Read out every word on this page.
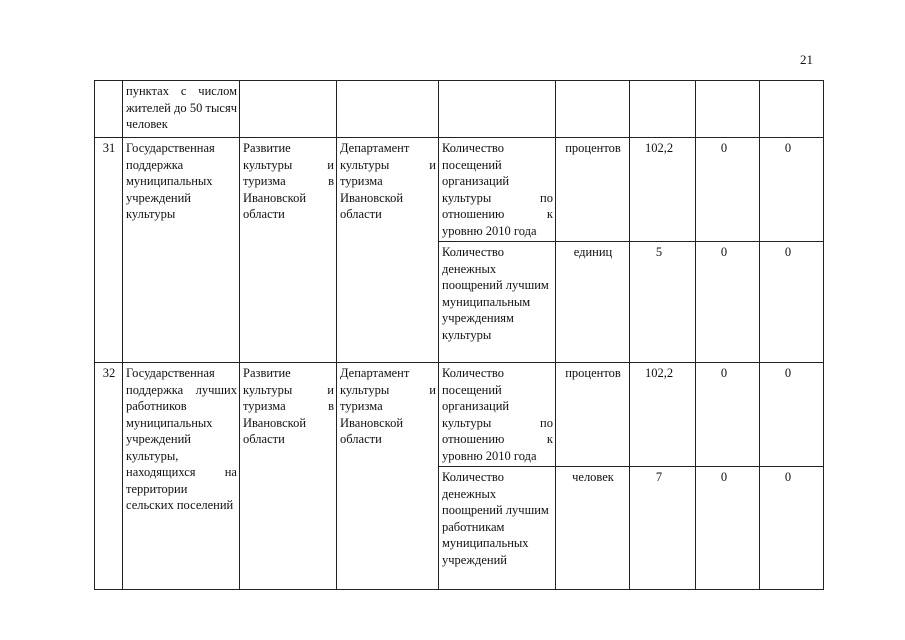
21
	пунктах с числом жителей до 50 тысяч человек							
31	Государственная поддержка муниципальных учреждений культуры	Развитие культуры и туризма в Ивановской области	Департамент культуры и туризма Ивановской области	Количество посещений организаций культуры по отношению к уровню 2010 года	процентов	102,2	0	0
				Количество денежных поощрений лучшим муниципальным учреждениям культуры	единиц	5	0	0
32	Государственная поддержка лучших работников муниципальных учреждений культуры, находящихся на территории сельских поселений	Развитие культуры и туризма в Ивановской области	Департамент культуры и туризма Ивановской области	Количество посещений организаций культуры по отношению к уровню 2010 года	процентов	102,2	0	0
				Количество денежных поощрений лучшим работникам муниципальных учреждений	человек	7	0	0
